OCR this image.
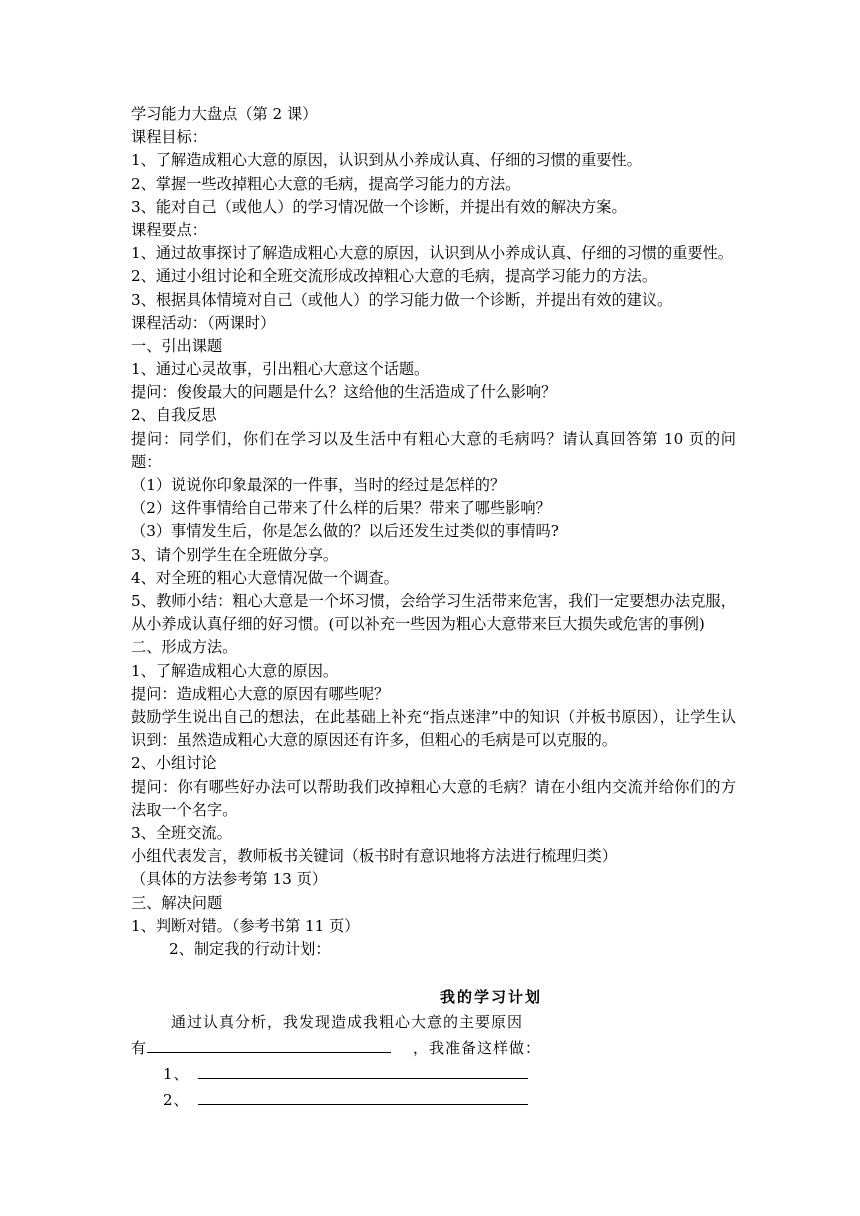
学习能力大盘点（第 2 课）
课程目标：
1、了解造成粗心大意的原因，认识到从小养成认真、仔细的习惯的重要性。
2、掌握一些改掉粗心大意的毛病，提高学习能力的方法。
3、能对自己（或他人）的学习情况做一个诊断，并提出有效的解决方案。
课程要点：
1、通过故事探讨了解造成粗心大意的原因，认识到从小养成认真、仔细的习惯的重要性。
2、通过小组讨论和全班交流形成改掉粗心大意的毛病，提高学习能力的方法。
3、根据具体情境对自己（或他人）的学习能力做一个诊断，并提出有效的建议。
课程活动：（两课时）
一、引出课题
1、通过心灵故事，引出粗心大意这个话题。
提问：俊俊最大的问题是什么？这给他的生活造成了什么影响？
2、自我反思
提问：同学们，你们在学习以及生活中有粗心大意的毛病吗？请认真回答第 10 页的问题：
（1）说说你印象最深的一件事，当时的经过是怎样的？
（2）这件事情给自己带来了什么样的后果？带来了哪些影响？
（3）事情发生后，你是怎么做的？以后还发生过类似的事情吗?
3、请个别学生在全班做分享。
4、对全班的粗心大意情况做一个调查。
5、教师小结：粗心大意是一个坏习惯，会给学习生活带来危害，我们一定要想办法克服，从小养成认真仔细的好习惯。(可以补充一些因为粗心大意带来巨大损失或危害的事例)
二、形成方法。
1、了解造成粗心大意的原因。
提问：造成粗心大意的原因有哪些呢？
鼓励学生说出自己的想法，在此基础上补充“指点迷津”中的知识（并板书原因），让学生认识到：虽然造成粗心大意的原因还有许多，但粗心的毛病是可以克服的。
2、小组讨论
提问：你有哪些好办法可以帮助我们改掉粗心大意的毛病？请在小组内交流并给你们的方法取一个名字。
3、全班交流。
小组代表发言，教师板书关键词（板书时有意识地将方法进行梳理归类）
（具体的方法参考第 13 页）
三、解决问题
1、判断对错。（参考书第 11 页）
2、制定我的行动计划：
我的学习计划
通过认真分析，我发现造成我粗心大意的主要原因
有	，我准备这样做：
1、
2、
